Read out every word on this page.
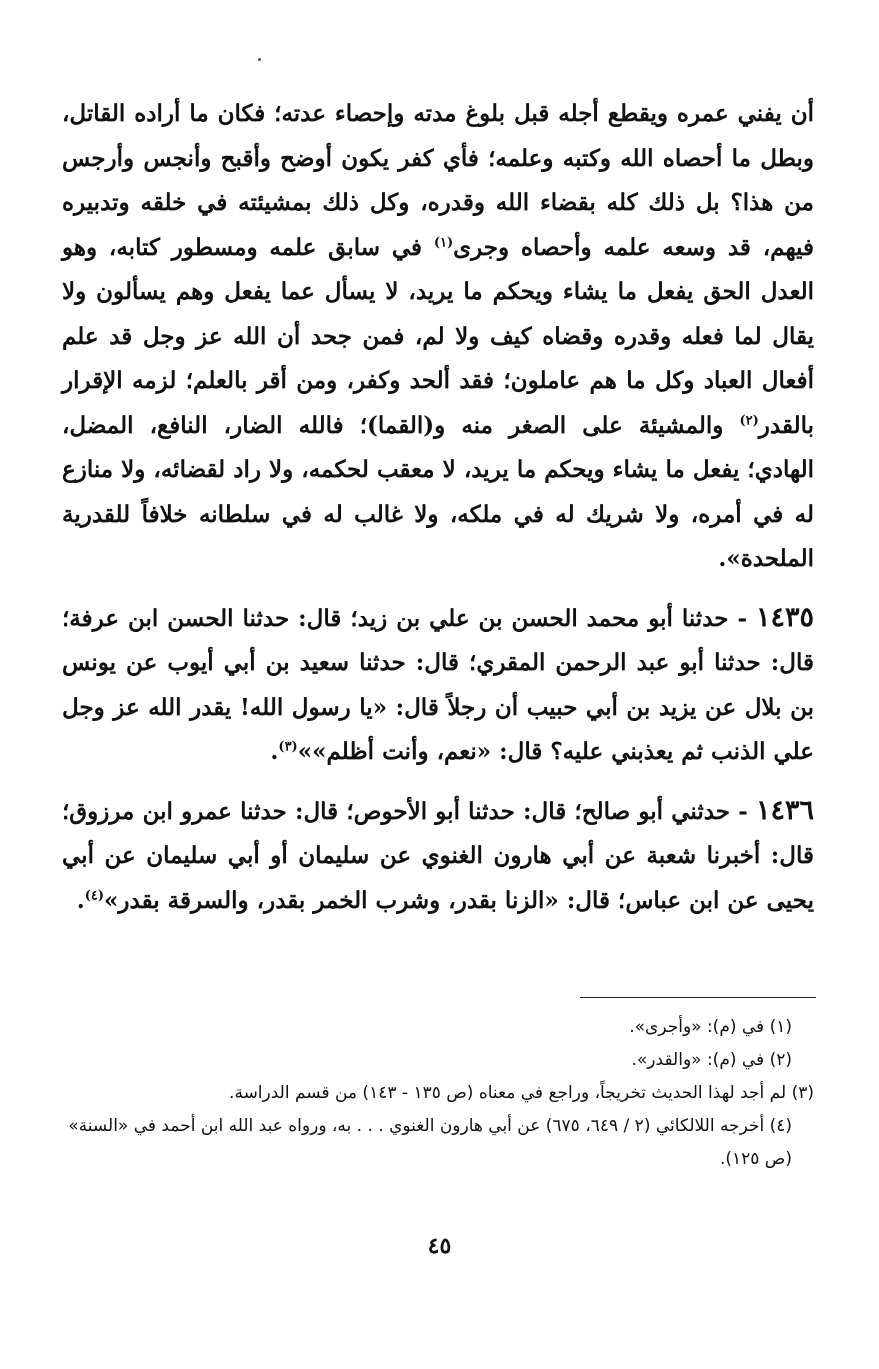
أن يفني عمره ويقطع أجله قبل بلوغ مدته وإحصاء عدته؛ فكان ما أراده القاتل، وبطل ما أحصاه الله وكتبه وعلمه؛ فأي كفر يكون أوضح وأقبح وأنجس وأرجس من هذا؟ بل ذلك كله بقضاء الله وقدره، وكل ذلك بمشيئته في خلقه وتدبيره فيهم، قد وسعه علمه وأحصاه وجرى$^{(١)}$ في سابق علمه ومسطور كتابه، وهو العدل الحق يفعل ما يشاء ويحكم ما يريد، لا يسأل عما يفعل وهم يسألون ولا يقال لما فعله وقدره وقضاه كيف ولا لم، فمن جحد أن الله عز وجل قد علم أفعال العباد وكل ما هم عاملون؛ فقد ألحد وكفر، ومن أقر بالعلم؛ لزمه الإقرار بالقدر$^{(٢)}$ والمشيئة على الصغر منه و(القما)؛ فالله الضار، النافع، المضل، الهادي؛ يفعل ما يشاء ويحكم ما يريد، لا معقب لحكمه، ولا راد لقضائه، ولا منازع له في أمره، ولا شريك له في ملكه، ولا غالب له في سلطانه خلافاً للقدرية الملحدة».

١٤٣٥ - حدثنا أبو محمد الحسن بن علي بن زيد؛ قال: حدثنا الحسن ابن عرفة؛ قال: حدثنا أبو عبد الرحمن المقري؛ قال: حدثنا سعيد بن أبي أيوب عن يونس بن بلال عن يزيد بن أبي حبيب أن رجلاً قال: «يا رسول الله! يقدر الله عز وجل علي الذنب ثم يعذبني عليه؟ قال: «نعم، وأنت أظلم»»$^{(٣)}$.

١٤٣٦ - حدثني أبو صالح؛ قال: حدثنا أبو الأحوص؛ قال: حدثنا عمرو ابن مرزوق؛ قال: أخبرنا شعبة عن أبي هارون الغنوي عن سليمان أو أبي سليمان عن أبي يحيى عن ابن عباس؛ قال: «الزنا بقدر، وشرب الخمر بقدر، والسرقة بقدر»$^{(٤)}$.

(١) في (م): «وأجرى».

(٢) في (م): «والقدر».

(٣) لم أجد لهذا الحديث تخريجاً، وراجع في معناه (ص ١٣٥ - ١٤٣) من قسم الدراسة.

(٤) أخرجه اللالكائي (٢ / ٦٤٩، ٦٧٥) عن أبي هارون الغنوي . . . به، ورواه عبد الله ابن أحمد في «السنة» (ص ١٢٥).

٤٥
